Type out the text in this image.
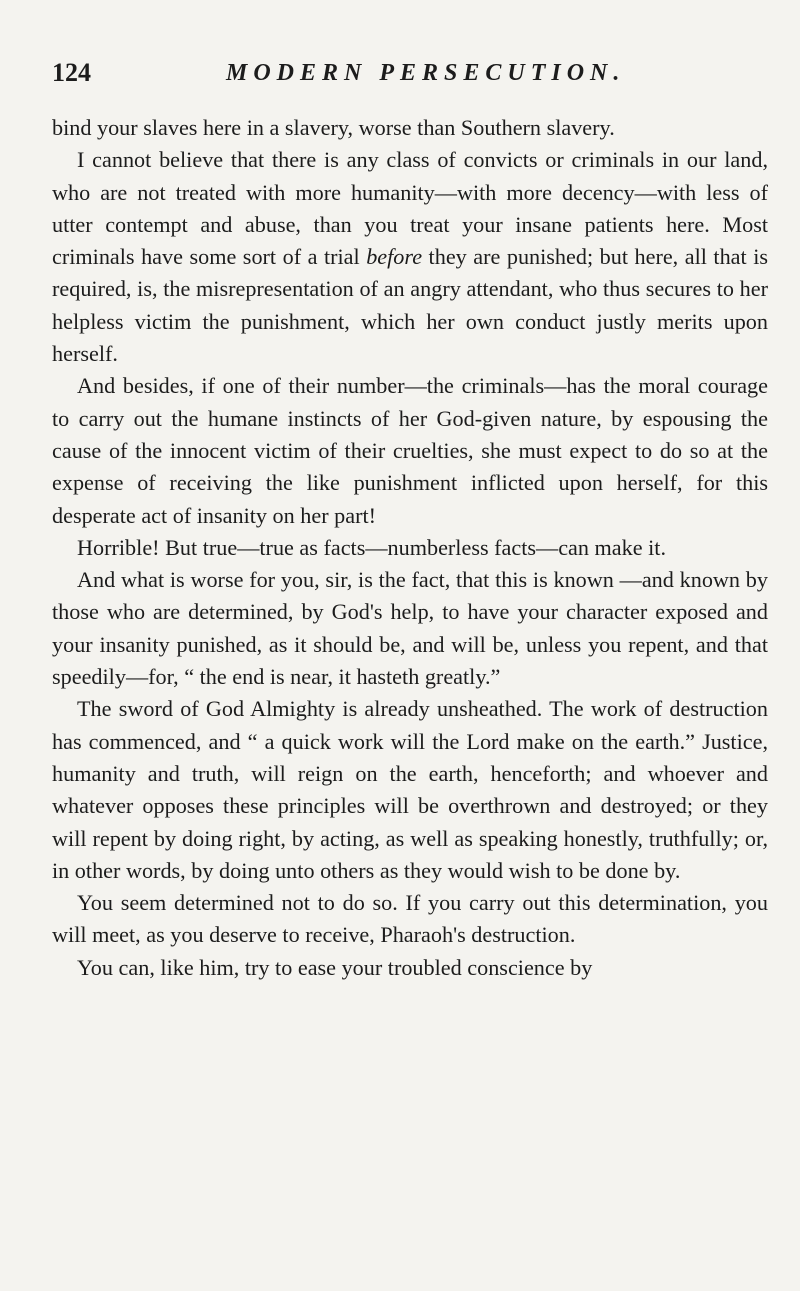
124	MODERN PERSECUTION.

bind your slaves here in a slavery, worse than Southern slavery.

I cannot believe that there is any class of convicts or criminals in our land, who are not treated with more humanity—with more decency—with less of utter contempt and abuse, than you treat your insane patients here. Most criminals have some sort of a trial before they are punished; but here, all that is required, is, the misrepresentation of an angry attendant, who thus secures to her helpless victim the punishment, which her own conduct justly merits upon herself.

And besides, if one of their number—the criminals—has the moral courage to carry out the humane instincts of her God-given nature, by espousing the cause of the innocent victim of their cruelties, she must expect to do so at the expense of receiving the like punishment inflicted upon herself, for this desperate act of insanity on her part!

Horrible! But true—true as facts—numberless facts—can make it.

And what is worse for you, sir, is the fact, that this is known —and known by those who are determined, by God's help, to have your character exposed and your insanity punished, as it should be, and will be, unless you repent, and that speedily—for, “ the end is near, it hasteth greatly.”

The sword of God Almighty is already unsheathed. The work of destruction has commenced, and “ a quick work will the Lord make on the earth.” Justice, humanity and truth, will reign on the earth, henceforth; and whoever and whatever opposes these principles will be overthrown and destroyed; or they will repent by doing right, by acting, as well as speaking honestly, truthfully; or, in other words, by doing unto others as they would wish to be done by.

You seem determined not to do so. If you carry out this determination, you will meet, as you deserve to receive, Pharaoh's destruction.

You can, like him, try to ease your troubled conscience by
